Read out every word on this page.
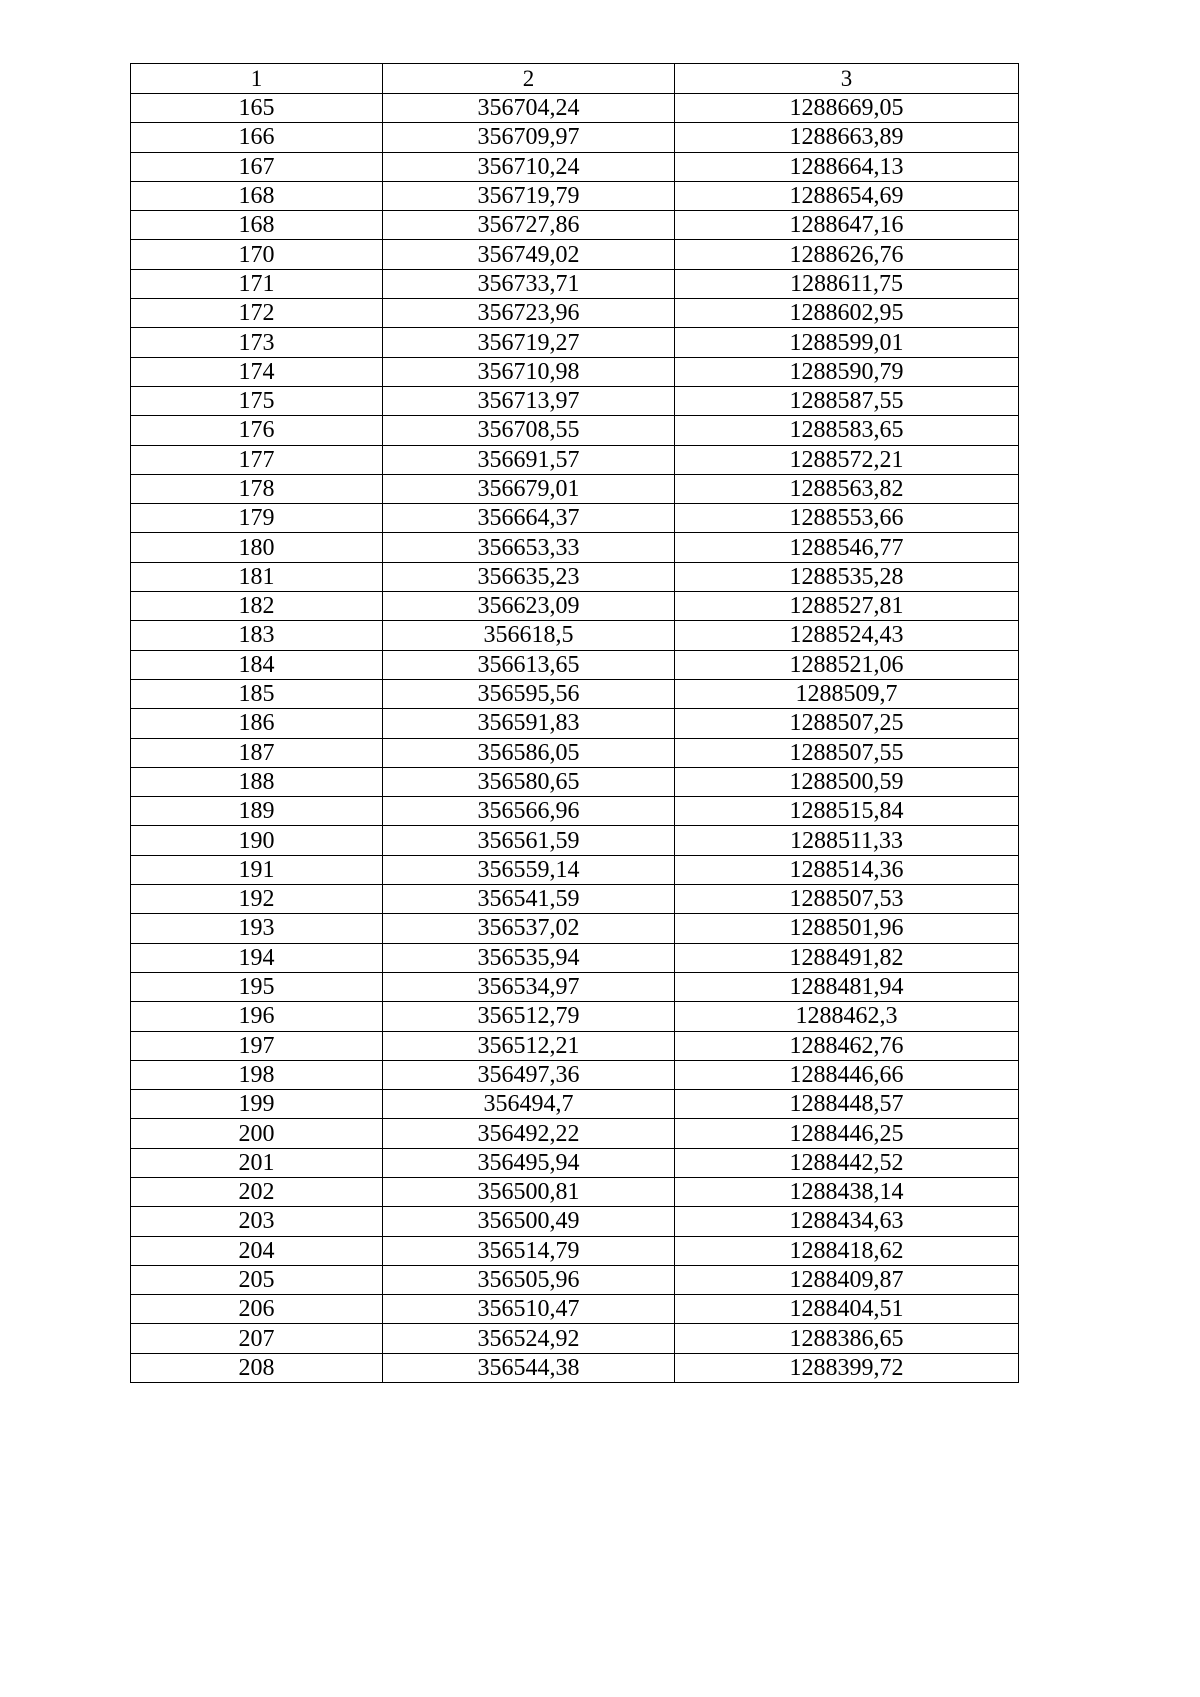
1	2	3
165	356704,24	1288669,05
166	356709,97	1288663,89
167	356710,24	1288664,13
168	356719,79	1288654,69
168	356727,86	1288647,16
170	356749,02	1288626,76
171	356733,71	1288611,75
172	356723,96	1288602,95
173	356719,27	1288599,01
174	356710,98	1288590,79
175	356713,97	1288587,55
176	356708,55	1288583,65
177	356691,57	1288572,21
178	356679,01	1288563,82
179	356664,37	1288553,66
180	356653,33	1288546,77
181	356635,23	1288535,28
182	356623,09	1288527,81
183	356618,5	1288524,43
184	356613,65	1288521,06
185	356595,56	1288509,7
186	356591,83	1288507,25
187	356586,05	1288507,55
188	356580,65	1288500,59
189	356566,96	1288515,84
190	356561,59	1288511,33
191	356559,14	1288514,36
192	356541,59	1288507,53
193	356537,02	1288501,96
194	356535,94	1288491,82
195	356534,97	1288481,94
196	356512,79	1288462,3
197	356512,21	1288462,76
198	356497,36	1288446,66
199	356494,7	1288448,57
200	356492,22	1288446,25
201	356495,94	1288442,52
202	356500,81	1288438,14
203	356500,49	1288434,63
204	356514,79	1288418,62
205	356505,96	1288409,87
206	356510,47	1288404,51
207	356524,92	1288386,65
208	356544,38	1288399,72
